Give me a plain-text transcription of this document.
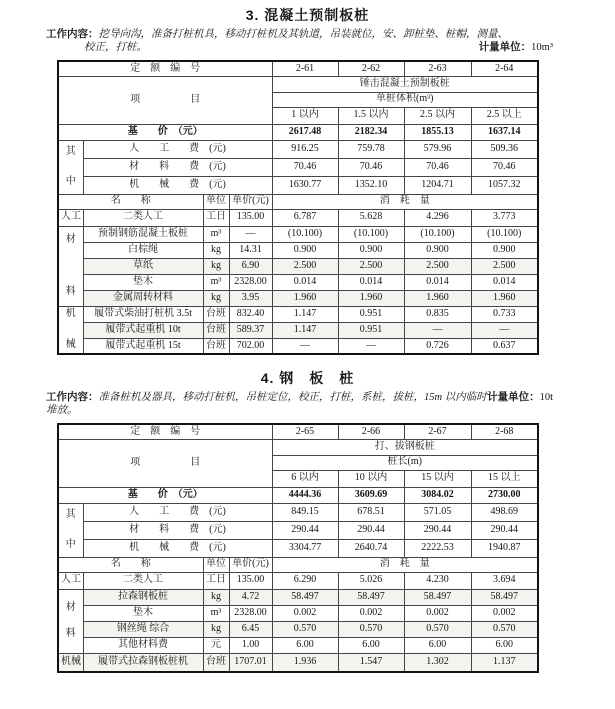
3. 混凝土预制板桩
工作内容：挖导向沟，准备打桩机具，移动打桩机及其轨道，吊装就位，安、卸桩垫、桩帽，测量、
校正，打桩。	计量单位：10m³
定　额　编　号				2-61	2-62	2-63	2-64
项　　　　　目				锤击混凝土预制板桩			
				单桩体积(m³)			
				1 以内	1.5 以内	2.5 以内	2.5 以上
基　　价　（元）				2617.48	2182.34	1855.13	1637.14

其
中	人　　工　　费　(元)			916.25	759.78	579.96	509.36
	材　　料　　费　(元)			70.46	70.46	70.46	70.46
	机　　械　　费　(元)			1630.77	1352.10	1204.71	1057.32
名　　称		单位	单价(元)	消　耗　量			
人工	二类人工	工日	135.00	6.787	5.628	4.296	3.773

材
料	预制钢筋混凝土板桩	m³	—	(10.100)	(10.100)	(10.100)	(10.100)
	白棕绳	kg	14.31	0.900	0.900	0.900	0.900
	草纸	kg	6.90	2.500	2.500	2.500	2.500
	垫木	m³	2328.00	0.014	0.014	0.014	0.014
	金属周转材料	kg	3.95	1.960	1.960	1.960	1.960

机
械	履带式柴油打桩机 3.5t	台班	832.40	1.147	0.951	0.835	0.733
	履带式起重机 10t	台班	589.37	1.147	0.951	—	—
	履带式起重机 15t	台班	702.00	—	—	0.726	0.637
4. 钢　板　桩
工作内容：准备桩机及器具，移动打桩机，吊桩定位，校正，打桩，系桩，拔桩，15m 以内临时堆放。
计量单位：10t
定　额　编　号				2-65	2-66	2-67	2-68
项　　　　　目				打、拔钢板桩			
				桩长(m)			
				6 以内	10 以内	15 以内	15 以上
基　　价　（元）				4444.36	3609.69	3084.02	2730.00

其
中	人　　工　　费　(元)			849.15	678.51	571.05	498.69
	材　　料　　费　(元)			290.44	290.44	290.44	290.44
	机　　械　　费　(元)			3304.77	2640.74	2222.53	1940.87
名　　称		单位	单价(元)	消　耗　量			
人工	二类人工	工日	135.00	6.290	5.026	4.230	3.694

材
料	拉森钢板桩	kg	4.72	58.497	58.497	58.497	58.497
	垫木	m³	2328.00	0.002	0.002	0.002	0.002
	钢丝绳 综合	kg	6.45	0.570	0.570	0.570	0.570
	其他材料费	元	1.00	6.00	6.00	6.00	6.00
机械	履带式拉森钢板桩机	台班	1707.01	1.936	1.547	1.302	1.137
